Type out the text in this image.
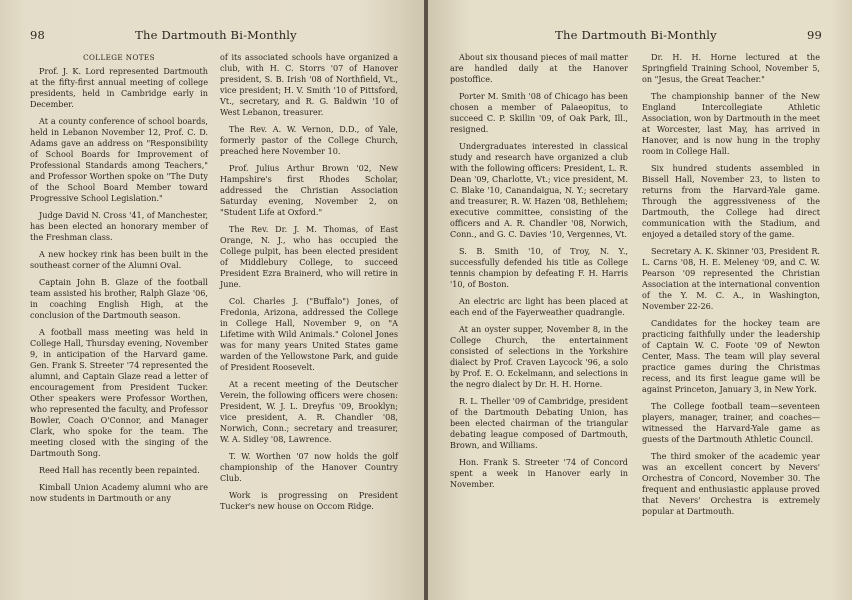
98	The Dartmouth Bi-Monthly

COLLEGE NOTES

Prof. J. K. Lord represented Dartmouth at the fifty-first annual meeting of college presidents, held in Cambridge early in December.

At a county conference of school boards, held in Lebanon November 12, Prof. C. D. Adams gave an address on "Responsibility of School Boards for Improvement of Professional Standards among Teachers," and Professor Worthen spoke on "The Duty of the School Board Member toward Progressive School Legislation."

Judge David N. Cross '41, of Manchester, has been elected an honorary member of the Freshman class.

A new hockey rink has been built in the southeast corner of the Alumni Oval.

Captain John B. Glaze of the football team assisted his brother, Ralph Glaze '06, in coaching English High, at the conclusion of the Dartmouth season.

A football mass meeting was held in College Hall, Thursday evening, November 9, in anticipation of the Harvard game. Gen. Frank S. Streeter '74 represented the alumni, and Captain Glaze read a letter of encouragement from President Tucker. Other speakers were Professor Worthen, who represented the faculty, and Professor Bowler, Coach O'Connor, and Manager Clark, who spoke for the team. The meeting closed with the singing of the Dartmouth Song.

Reed Hall has recently been repainted.

Kimball Union Academy alumni who are now students in Dartmouth or any

of its associated schools have organized a club, with H. C. Storrs '07 of Hanover president, S. B. Irish '08 of Northfield, Vt., vice president; H. V. Smith '10 of Pittsford, Vt., secretary, and R. G. Baldwin '10 of West Lebanon, treasurer.

The Rev. A. W. Vernon, D.D., of Yale, formerly pastor of the College Church, preached here November 10.

Prof. Julius Arthur Brown '02, New Hampshire's first Rhodes Scholar, addressed the Christian Association Saturday evening, November 2, on "Student Life at Oxford."

The Rev. Dr. J. M. Thomas, of East Orange, N. J., who has occupied the College pulpit, has been elected president of Middlebury College, to succeed President Ezra Brainerd, who will retire in June.

Col. Charles J. ("Buffalo") Jones, of Fredonia, Arizona, addressed the College in College Hall, November 9, on "A Lifetime with Wild Animals." Colonel Jones was for many years United States game warden of the Yellowstone Park, and guide of President Roosevelt.

At a recent meeting of the Deutscher Verein, the following officers were chosen: President, W. J. L. Dreyfus '09, Brooklyn; vice president, A. R. Chandler '08, Norwich, Conn.; secretary and treasurer, W. A. Sidley '08, Lawrence.

T. W. Worthen '07 now holds the golf championship of the Hanover Country Club.

Work is progressing on President Tucker's new house on Occom Ridge.

The Dartmouth Bi-Monthly	99

About six thousand pieces of mail matter are handled daily at the Hanover postoffice.

Porter M. Smith '08 of Chicago has been chosen a member of Palaeopitus, to succeed C. P. Skillin '09, of Oak Park, Ill., resigned.

Undergraduates interested in classical study and research have organized a club with the following officers: President, L. R. Dean '09, Charlotte, Vt.; vice president, M. C. Blake '10, Canandaigua, N. Y.; secretary and treasurer, R. W. Hazen '08, Bethlehem; executive committee, consisting of the officers and A. R. Chandler '08, Norwich, Conn., and G. C. Davies '10, Vergennes, Vt.

S. B. Smith '10, of Troy, N. Y., successfully defended his title as College tennis champion by defeating F. H. Harris '10, of Boston.

An electric arc light has been placed at each end of the Fayerweather quadrangle.

At an oyster supper, November 8, in the College Church, the entertainment consisted of selections in the Yorkshire dialect by Prof. Craven Laycock '96, a solo by Prof. E. O. Eckelmann, and selections in the negro dialect by Dr. H. H. Horne.

R. L. Theller '09 of Cambridge, president of the Dartmouth Debating Union, has been elected chairman of the triangular debating league composed of Dartmouth, Brown, and Williams.

Hon. Frank S. Streeter '74 of Concord spent a week in Hanover early in November.

Dr. H. H. Horne lectured at the Springfield Training School, November 5, on "Jesus, the Great Teacher."

The championship banner of the New England Intercollegiate Athletic Association, won by Dartmouth in the meet at Worcester, last May, has arrived in Hanover, and is now hung in the trophy room in College Hall.

Six hundred students assembled in Bissell Hall, November 23, to listen to returns from the Harvard-Yale game. Through the aggressiveness of the Dartmouth, the College had direct communication with the Stadium, and enjoyed a detailed story of the game.

Secretary A. K. Skinner '03, President R. L. Carns '08, H. E. Meleney '09, and C. W. Pearson '09 represented the Christian Association at the international convention of the Y. M. C. A., in Washington, November 22-26.

Candidates for the hockey team are practicing faithfully under the leadership of Captain W. C. Foote '09 of Newton Center, Mass. The team will play several practice games during the Christmas recess, and its first league game will be against Princeton, January 3, in New York.

The College football team—seventeen players, manager, trainer, and coaches—witnessed the Harvard-Yale game as guests of the Dartmouth Athletic Council.

The third smoker of the academic year was an excellent concert by Nevers' Orchestra of Concord, November 30. The frequent and enthusiastic applause proved that Nevers' Orchestra is extremely popular at Dartmouth.
